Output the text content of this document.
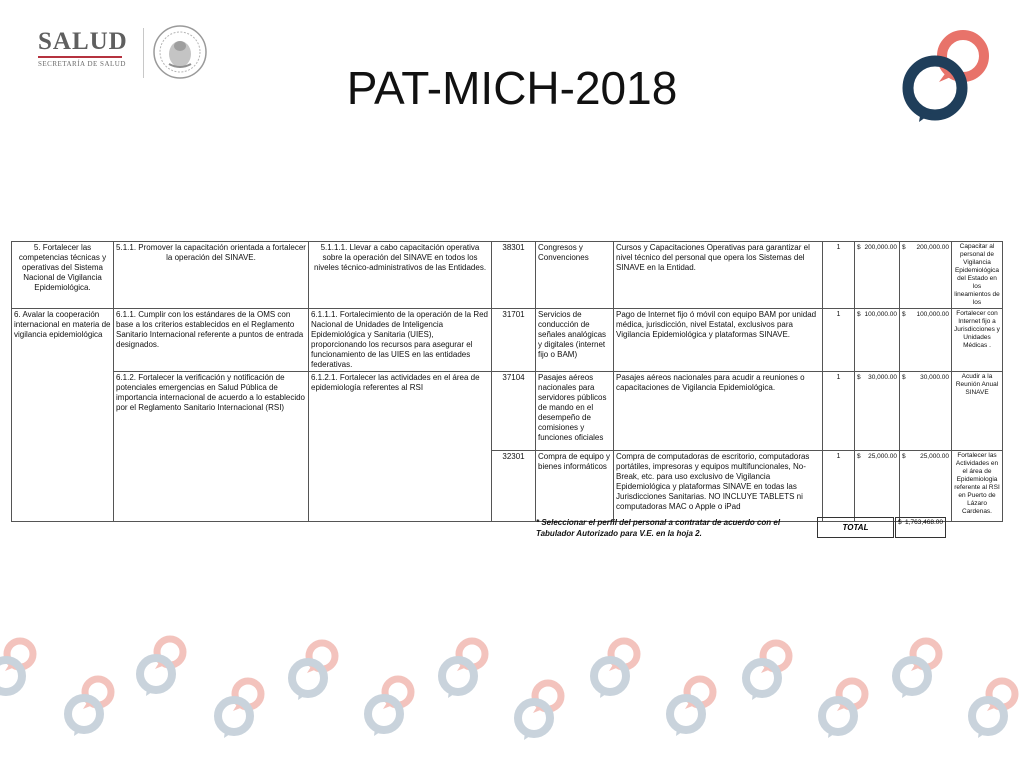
SALUD
SECRETARÍA DE SALUD	PAT-MICH-2018
5. Fortalecer las competencias técnicas y operativas del Sistema Nacional de Vigilancia Epidemiológica.	5.1.1. Promover la capacitación orientada a fortalecer la operación del SINAVE.	5.1.1.1. Llevar a cabo capacitación operativa sobre la operación del SINAVE en todos los niveles técnico-administrativos de las Entidades.	38301	Congresos y Convenciones	Cursos y Capacitaciones Operativas para garantizar el nivel técnico del personal que opera los Sistemas del SINAVE en la Entidad.	1	$ 200,000.00	$ 200,000.00	Capacitar al personal de Vigilancia Epidemiológica del Estado en los lineamientos de los
6. Avalar la cooperación internacional en materia de vigilancia epidemiológica	6.1.1. Cumplir con los estándares de la OMS con base a los criterios establecidos en el Reglamento Sanitario Internacional referente a puntos de entrada designados.	6.1.1.1. Fortalecimiento de la operación de la Red Nacional de Unidades de Inteligencia Epidemiológica y Sanitaria (UIES), proporcionando los recursos para asegurar el funcionamiento de las UIES en las entidades federativas.	31701	Servicios de conducción de señales analógicas y digitales (internet fijo o BAM)	Pago de Internet fijo ó móvil con equipo BAM por unidad médica, jurisdicción, nivel Estatal, exclusivos para Vigilancia Epidemiológica y plataformas SINAVE.	1	$ 100,000.00	$ 100,000.00	Fortalecer con Internet fijo a Jurisdicciones y Unidades Médicas .
	6.1.2. Fortalecer la verificación y notificación de potenciales emergencias en Salud Pública de importancia internacional de acuerdo a lo establecido por el Reglamento Sanitario Internacional (RSI)	6.1.2.1. Fortalecer las actividades en el área de epidemiología referentes al RSI	37104	Pasajes aéreos nacionales para servidores públicos de mando en el desempeño de comisiones y funciones oficiales	Pasajes aéreos nacionales para acudir a reuniones o capacitaciones de Vigilancia Epidemiológica.	1	$ 30,000.00	$ 30,000.00	Acudir a la Reunión Anual SINAVE
			32301	Compra de equipo y bienes informáticos	Compra de computadoras de escritorio, computadoras portátiles, impresoras y equipos multifuncionales, No-Break, etc. para uso exclusivo de Vigilancia Epidemiológica y plataformas SINAVE en todas las Jurisdicciones Sanitarias. NO INCLUYE TABLETS ni computadoras MAC o Apple o iPad	1	$ 25,000.00	$ 25,000.00	Fortalecer las Actividades en el área de Epidemiologia referente al RSI en Puerto de Lázaro Cardenas.
* Seleccionar el perfil del personal a contratar de acuerdo con el Tabulador Autorizado para V.E. en la hoja 2.
TOTAL
$ 1,763,468.00
